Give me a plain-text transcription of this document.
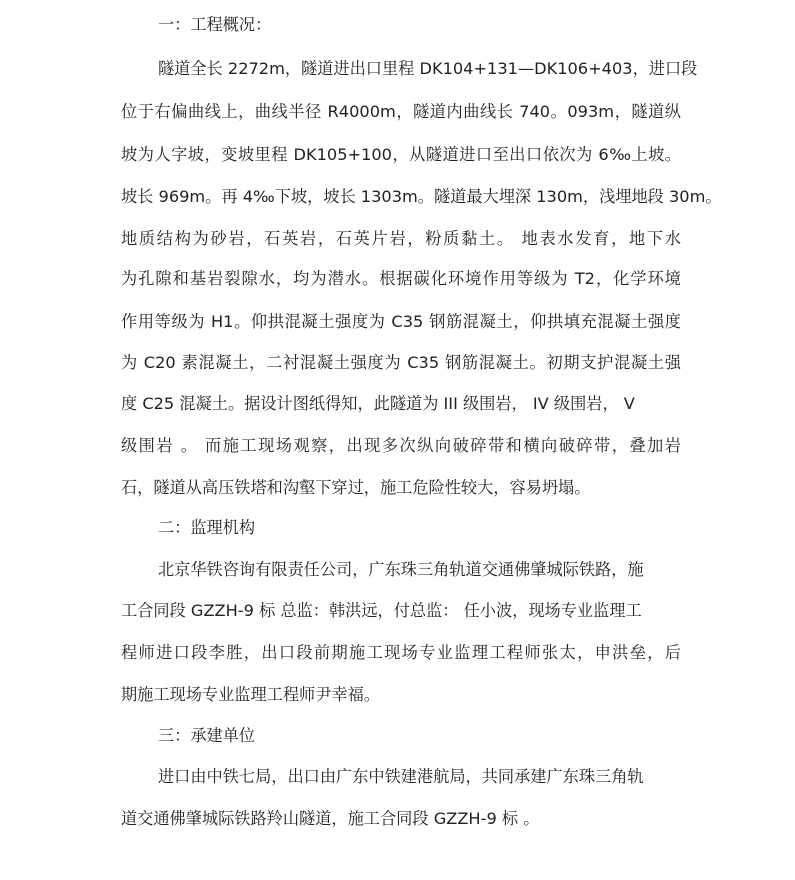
一：工程概况：
隧道全长 2272m，隧道进出口里程 DK104+131—DK106+403，进口段
位于右偏曲线上，曲线半径 R4000m，隧道内曲线长 740。093m，隧道纵
坡为人字坡，变坡里程 DK105+100，从隧道进口至出口依次为 6‰上坡。
坡长 969m。再 4‰下坡，坡长 1303m。隧道最大埋深 130m，浅埋地段 30m。
地质结构为砂岩，石英岩，石英片岩，粉质黏土。 地表水发育，地下水
为孔隙和基岩裂隙水，均为潜水。根据碳化环境作用等级为 T2，化学环境
作用等级为 H1。仰拱混凝土强度为 C35 钢筋混凝土，仰拱填充混凝土强度
为 C20 素混凝土，二衬混凝土强度为 C35 钢筋混凝土。初期支护混凝土强
度 C25 混凝土。据设计图纸得知，此隧道为 III 级围岩， IV 级围岩， V
级围岩 。 而施工现场观察，出现多次纵向破碎带和横向破碎带，叠加岩
石，隧道从高压铁塔和沟壑下穿过，施工危险性较大，容易坍塌。
二：监理机构
北京华铁咨询有限责任公司，广东珠三角轨道交通佛肇城际铁路，施
工合同段 GZZH-9 标 总监：韩洪远，付总监： 任小波，现场专业监理工
程师进口段李胜，出口段前期施工现场专业监理工程师张太，申洪垒，后
期施工现场专业监理工程师尹幸福。
三：承建单位
进口由中铁七局，出口由广东中铁建港航局，共同承建广东珠三角轨
道交通佛肇城际铁路羚山隧道，施工合同段 GZZH-9 标 。
